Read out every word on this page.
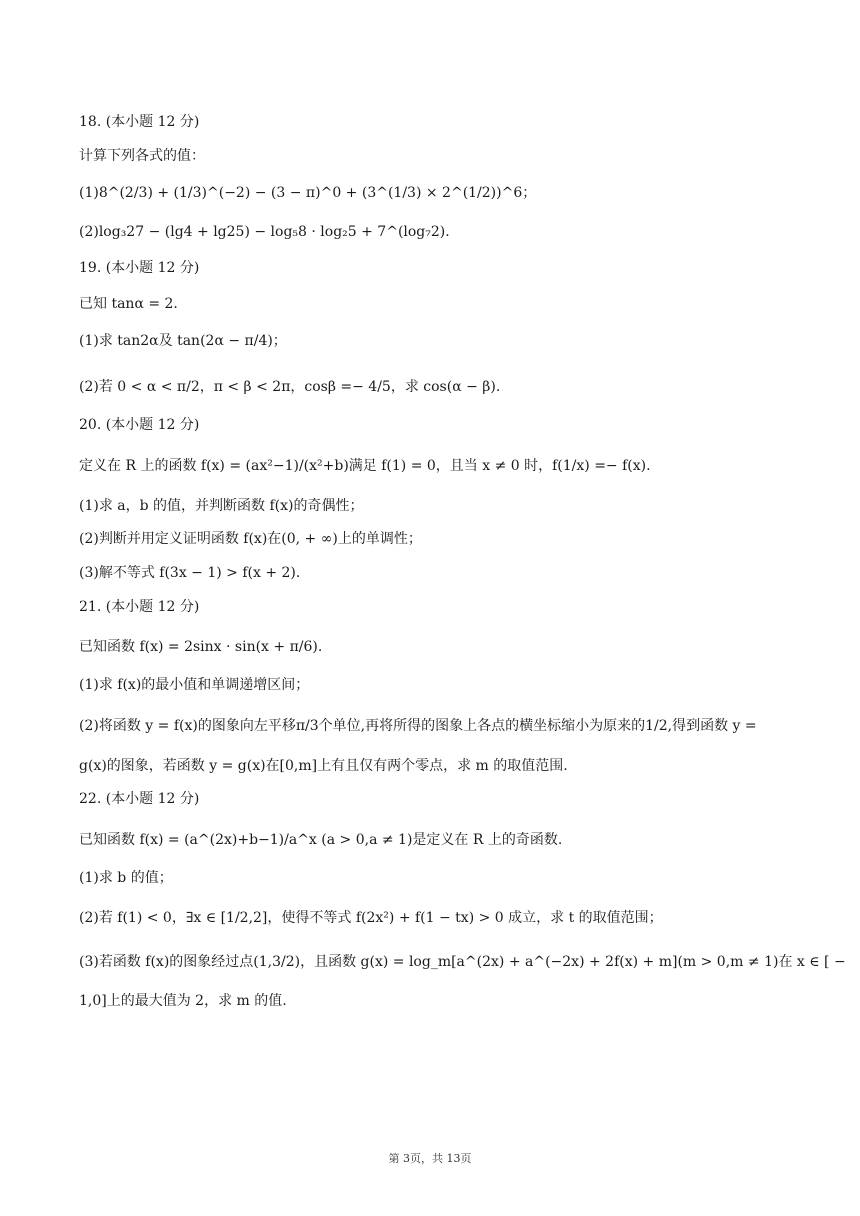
18. (本小题 12 分)
计算下列各式的值：
(1)8^(2/3) + (1/3)^(−2) − (3 − π)^0 + (3^(1/3) × 2^(1/2))^6；
(2)log₃27 − (lg4 + lg25) − log₅8 · log₂5 + 7^(log₇2).
19. (本小题 12 分)
已知 tanα = 2.
(1)求 tan2α及 tan(2α − π/4)；
(2)若 0 < α < π/2，π < β < 2π，cosβ =− 4/5，求 cos(α − β).
20. (本小题 12 分)
定义在 R 上的函数 f(x) = (ax²−1)/(x²+b)满足 f(1) = 0，且当 x ≠ 0 时，f(1/x) =− f(x).
(1)求 a，b 的值，并判断函数 f(x)的奇偶性；
(2)判断并用定义证明函数 f(x)在(0, + ∞)上的单调性；
(3)解不等式 f(3x − 1) > f(x + 2).
21. (本小题 12 分)
已知函数 f(x) = 2sinx · sin(x + π/6).
(1)求 f(x)的最小值和单调递增区间；
(2)将函数 y = f(x)的图象向左平移π/3个单位,再将所得的图象上各点的横坐标缩小为原来的1/2,得到函数 y =
g(x)的图象，若函数 y = g(x)在[0,m]上有且仅有两个零点，求 m 的取值范围.
22. (本小题 12 分)
已知函数 f(x) = (a^(2x)+b−1)/a^x (a > 0,a ≠ 1)是定义在 R 上的奇函数.
(1)求 b 的值；
(2)若 f(1) < 0，∃x ∈ [1/2,2]，使得不等式 f(2x²) + f(1 − tx) > 0 成立，求 t 的取值范围；
(3)若函数 f(x)的图象经过点(1,3/2)，且函数 g(x) = log_m[a^(2x) + a^(−2x) + 2f(x) + m](m > 0,m ≠ 1)在 x ∈ [ −
1,0]上的最大值为 2，求 m 的值.
第 3页，共 13页
